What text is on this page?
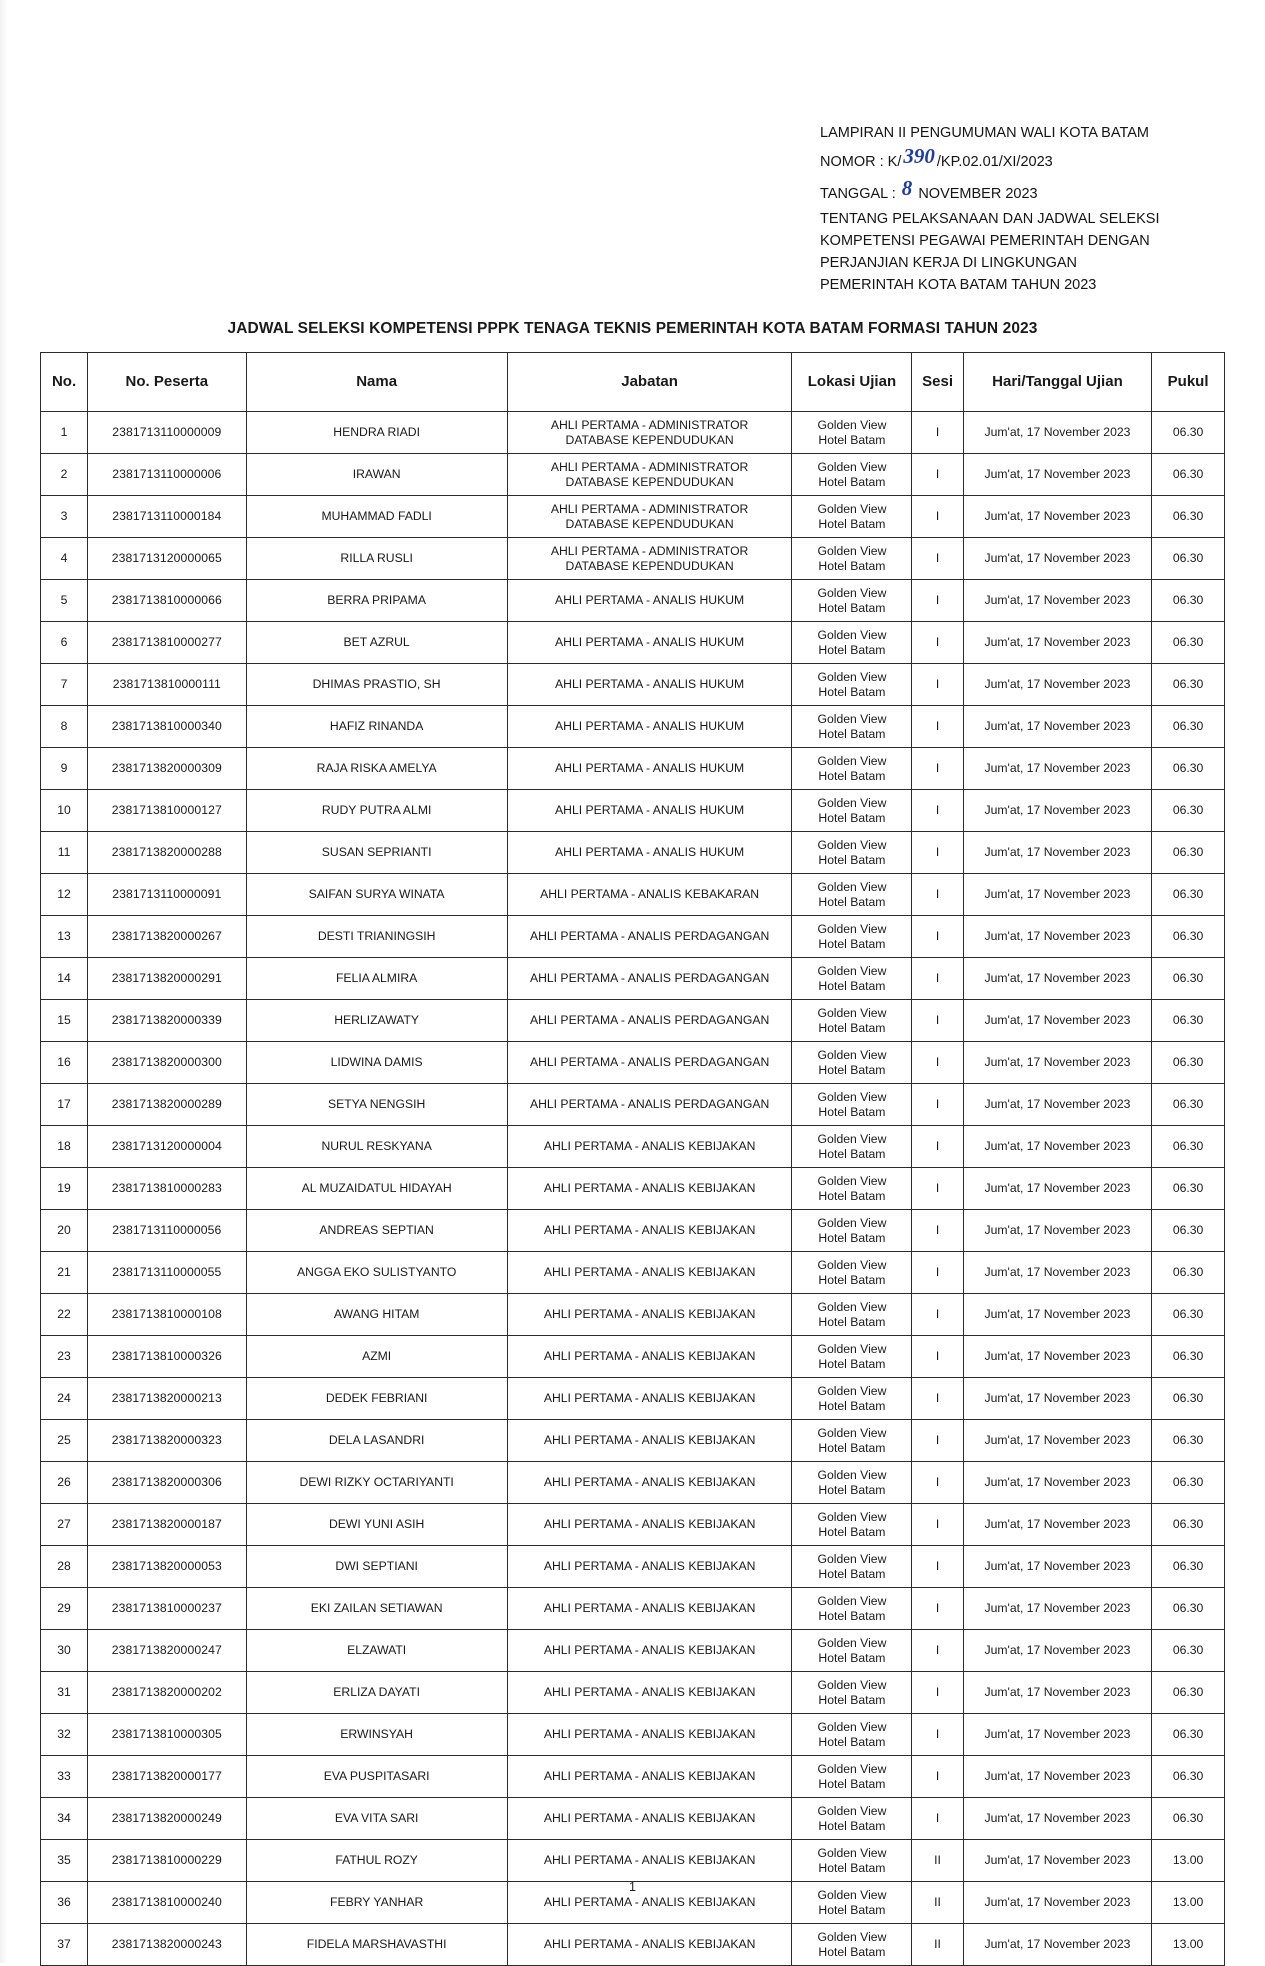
LAMPIRAN II PENGUMUMAN WALI KOTA BATAM
NOMOR : K/390 /KP.02.01/XI/2023
TANGGAL : 8 NOVEMBER 2023
TENTANG PELAKSANAAN DAN JADWAL SELEKSI
KOMPETENSI PEGAWAI PEMERINTAH DENGAN
PERJANJIAN KERJA DI LINGKUNGAN
PEMERINTAH KOTA BATAM TAHUN 2023
JADWAL SELEKSI KOMPETENSI PPPK TENAGA TEKNIS PEMERINTAH KOTA BATAM FORMASI TAHUN 2023
No.	No. Peserta	Nama	Jabatan	Lokasi Ujian	Sesi	Hari/Tanggal Ujian	Pukul
1	2381713110000009	HENDRA RIADI	AHLI PERTAMA - ADMINISTRATOR
DATABASE KEPENDUDUKAN	Golden View
Hotel Batam	I	Jum'at, 17 November 2023	06.30
2	2381713110000006	IRAWAN	AHLI PERTAMA - ADMINISTRATOR
DATABASE KEPENDUDUKAN	Golden View
Hotel Batam	I	Jum'at, 17 November 2023	06.30
3	2381713110000184	MUHAMMAD FADLI	AHLI PERTAMA - ADMINISTRATOR
DATABASE KEPENDUDUKAN	Golden View
Hotel Batam	I	Jum'at, 17 November 2023	06.30
4	2381713120000065	RILLA RUSLI	AHLI PERTAMA - ADMINISTRATOR
DATABASE KEPENDUDUKAN	Golden View
Hotel Batam	I	Jum'at, 17 November 2023	06.30
5	2381713810000066	BERRA PRIPAMA	AHLI PERTAMA - ANALIS HUKUM	Golden View
Hotel Batam	I	Jum'at, 17 November 2023	06.30
6	2381713810000277	BET AZRUL	AHLI PERTAMA - ANALIS HUKUM	Golden View
Hotel Batam	I	Jum'at, 17 November 2023	06.30
7	2381713810000111	DHIMAS PRASTIO, SH	AHLI PERTAMA - ANALIS HUKUM	Golden View
Hotel Batam	I	Jum'at, 17 November 2023	06.30
8	2381713810000340	HAFIZ RINANDA	AHLI PERTAMA - ANALIS HUKUM	Golden View
Hotel Batam	I	Jum'at, 17 November 2023	06.30
9	2381713820000309	RAJA RISKA AMELYA	AHLI PERTAMA - ANALIS HUKUM	Golden View
Hotel Batam	I	Jum'at, 17 November 2023	06.30
10	2381713810000127	RUDY PUTRA ALMI	AHLI PERTAMA - ANALIS HUKUM	Golden View
Hotel Batam	I	Jum'at, 17 November 2023	06.30
11	2381713820000288	SUSAN SEPRIANTI	AHLI PERTAMA - ANALIS HUKUM	Golden View
Hotel Batam	I	Jum'at, 17 November 2023	06.30
12	2381713110000091	SAIFAN SURYA WINATA	AHLI PERTAMA - ANALIS KEBAKARAN	Golden View
Hotel Batam	I	Jum'at, 17 November 2023	06.30
13	2381713820000267	DESTI TRIANINGSIH	AHLI PERTAMA - ANALIS PERDAGANGAN	Golden View
Hotel Batam	I	Jum'at, 17 November 2023	06.30
14	2381713820000291	FELIA ALMIRA	AHLI PERTAMA - ANALIS PERDAGANGAN	Golden View
Hotel Batam	I	Jum'at, 17 November 2023	06.30
15	2381713820000339	HERLIZAWATY	AHLI PERTAMA - ANALIS PERDAGANGAN	Golden View
Hotel Batam	I	Jum'at, 17 November 2023	06.30
16	2381713820000300	LIDWINA DAMIS	AHLI PERTAMA - ANALIS PERDAGANGAN	Golden View
Hotel Batam	I	Jum'at, 17 November 2023	06.30
17	2381713820000289	SETYA NENGSIH	AHLI PERTAMA - ANALIS PERDAGANGAN	Golden View
Hotel Batam	I	Jum'at, 17 November 2023	06.30
18	2381713120000004	NURUL RESKYANA	AHLI PERTAMA - ANALIS KEBIJAKAN	Golden View
Hotel Batam	I	Jum'at, 17 November 2023	06.30
19	2381713810000283	AL MUZAIDATUL HIDAYAH	AHLI PERTAMA - ANALIS KEBIJAKAN	Golden View
Hotel Batam	I	Jum'at, 17 November 2023	06.30
20	2381713110000056	ANDREAS SEPTIAN	AHLI PERTAMA - ANALIS KEBIJAKAN	Golden View
Hotel Batam	I	Jum'at, 17 November 2023	06.30
21	2381713110000055	ANGGA EKO SULISTYANTO	AHLI PERTAMA - ANALIS KEBIJAKAN	Golden View
Hotel Batam	I	Jum'at, 17 November 2023	06.30
22	2381713810000108	AWANG HITAM	AHLI PERTAMA - ANALIS KEBIJAKAN	Golden View
Hotel Batam	I	Jum'at, 17 November 2023	06.30
23	2381713810000326	AZMI	AHLI PERTAMA - ANALIS KEBIJAKAN	Golden View
Hotel Batam	I	Jum'at, 17 November 2023	06.30
24	2381713820000213	DEDEK FEBRIANI	AHLI PERTAMA - ANALIS KEBIJAKAN	Golden View
Hotel Batam	I	Jum'at, 17 November 2023	06.30
25	2381713820000323	DELA LASANDRI	AHLI PERTAMA - ANALIS KEBIJAKAN	Golden View
Hotel Batam	I	Jum'at, 17 November 2023	06.30
26	2381713820000306	DEWI RIZKY OCTARIYANTI	AHLI PERTAMA - ANALIS KEBIJAKAN	Golden View
Hotel Batam	I	Jum'at, 17 November 2023	06.30
27	2381713820000187	DEWI YUNI ASIH	AHLI PERTAMA - ANALIS KEBIJAKAN	Golden View
Hotel Batam	I	Jum'at, 17 November 2023	06.30
28	2381713820000053	DWI SEPTIANI	AHLI PERTAMA - ANALIS KEBIJAKAN	Golden View
Hotel Batam	I	Jum'at, 17 November 2023	06.30
29	2381713810000237	EKI ZAILAN SETIAWAN	AHLI PERTAMA - ANALIS KEBIJAKAN	Golden View
Hotel Batam	I	Jum'at, 17 November 2023	06.30
30	2381713820000247	ELZAWATI	AHLI PERTAMA - ANALIS KEBIJAKAN	Golden View
Hotel Batam	I	Jum'at, 17 November 2023	06.30
31	2381713820000202	ERLIZA DAYATI	AHLI PERTAMA - ANALIS KEBIJAKAN	Golden View
Hotel Batam	I	Jum'at, 17 November 2023	06.30
32	2381713810000305	ERWINSYAH	AHLI PERTAMA - ANALIS KEBIJAKAN	Golden View
Hotel Batam	I	Jum'at, 17 November 2023	06.30
33	2381713820000177	EVA PUSPITASARI	AHLI PERTAMA - ANALIS KEBIJAKAN	Golden View
Hotel Batam	I	Jum'at, 17 November 2023	06.30
34	2381713820000249	EVA VITA SARI	AHLI PERTAMA - ANALIS KEBIJAKAN	Golden View
Hotel Batam	I	Jum'at, 17 November 2023	06.30
35	2381713810000229	FATHUL ROZY	AHLI PERTAMA - ANALIS KEBIJAKAN	Golden View
Hotel Batam	II	Jum'at, 17 November 2023	13.00
36	2381713810000240	FEBRY YANHAR	AHLI PERTAMA - ANALIS KEBIJAKAN	Golden View
Hotel Batam	II	Jum'at, 17 November 2023	13.00
37	2381713820000243	FIDELA MARSHAVASTHI	AHLI PERTAMA - ANALIS KEBIJAKAN	Golden View
Hotel Batam	II	Jum'at, 17 November 2023	13.00
1
